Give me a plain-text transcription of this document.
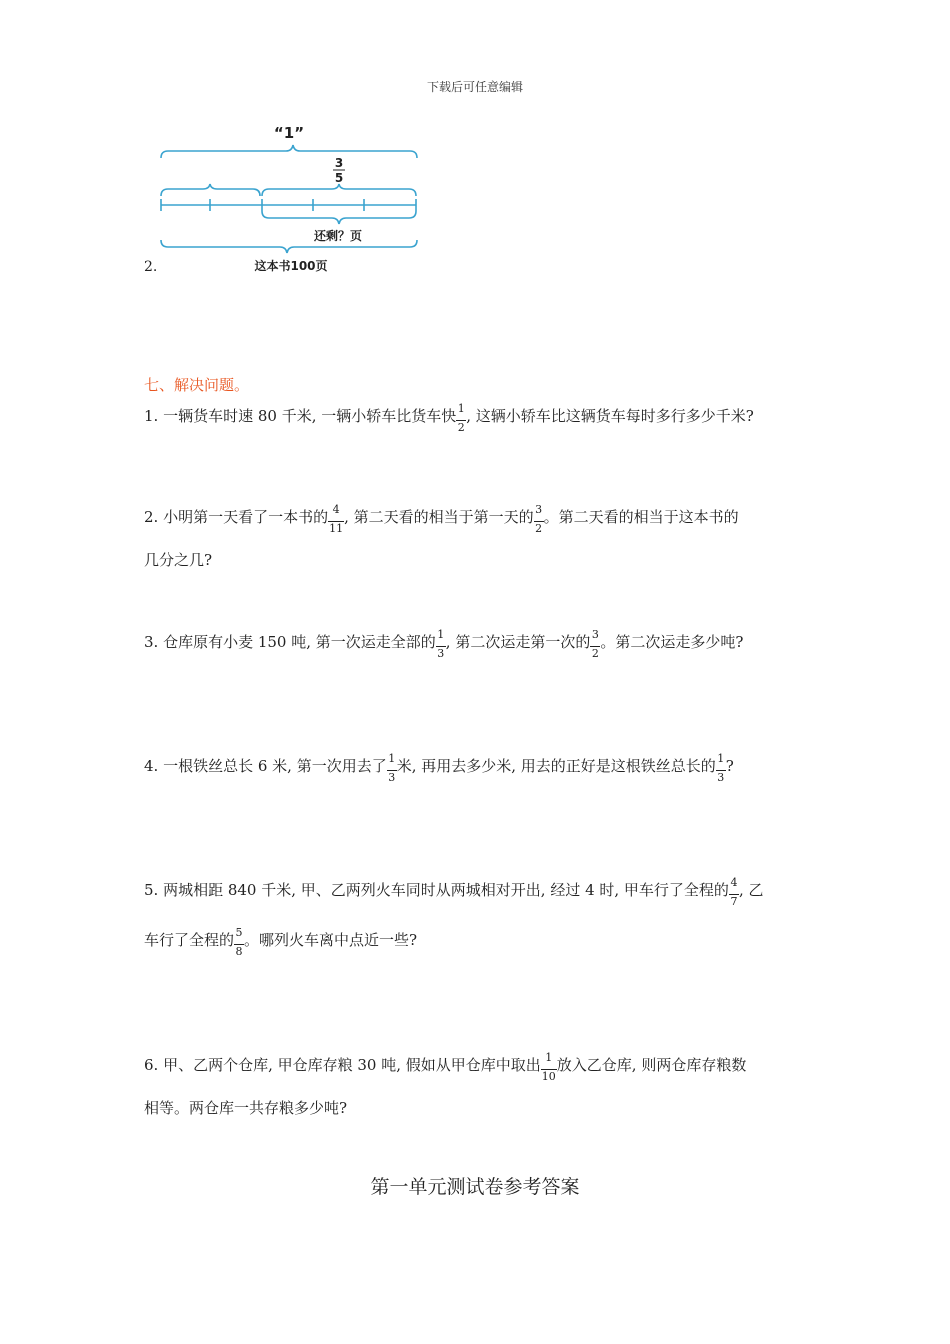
下载后可任意编辑
“1”
3
5
还剩？页
这本书100页
2.
七、解决问题。
1. 一辆货车时速 80 千米, 一辆小轿车比货车快 $\frac{1}{2}$ , 这辆小轿车比这辆货车每时多行多少千米?
2. 小明第一天看了一本书的 $\frac{4}{11}$ , 第二天看的相当于第一天的 $\frac{3}{2}$ 。第二天看的相当于这本书的
几分之几?
3. 仓库原有小麦 150 吨, 第一次运走全部的 $\frac{1}{3}$ , 第二次运走第一次的 $\frac{3}{2}$ 。第二次运走多少吨?
4. 一根铁丝总长 6 米, 第一次用去了 $\frac{1}{3}$ 米, 再用去多少米, 用去的正好是这根铁丝总长的 $\frac{1}{3}$ ?
5. 两城相距 840 千米, 甲、乙两列火车同时从两城相对开出, 经过 4 时, 甲车行了全程的 $\frac{4}{7}$ , 乙
车行了全程的 $\frac{5}{8}$ 。哪列火车离中点近一些?
6. 甲、乙两个仓库, 甲仓库存粮 30 吨, 假如从甲仓库中取出 $\frac{1}{10}$ 放入乙仓库, 则两仓库存粮数
相等。两仓库一共存粮多少吨?
第一单元测试卷参考答案
